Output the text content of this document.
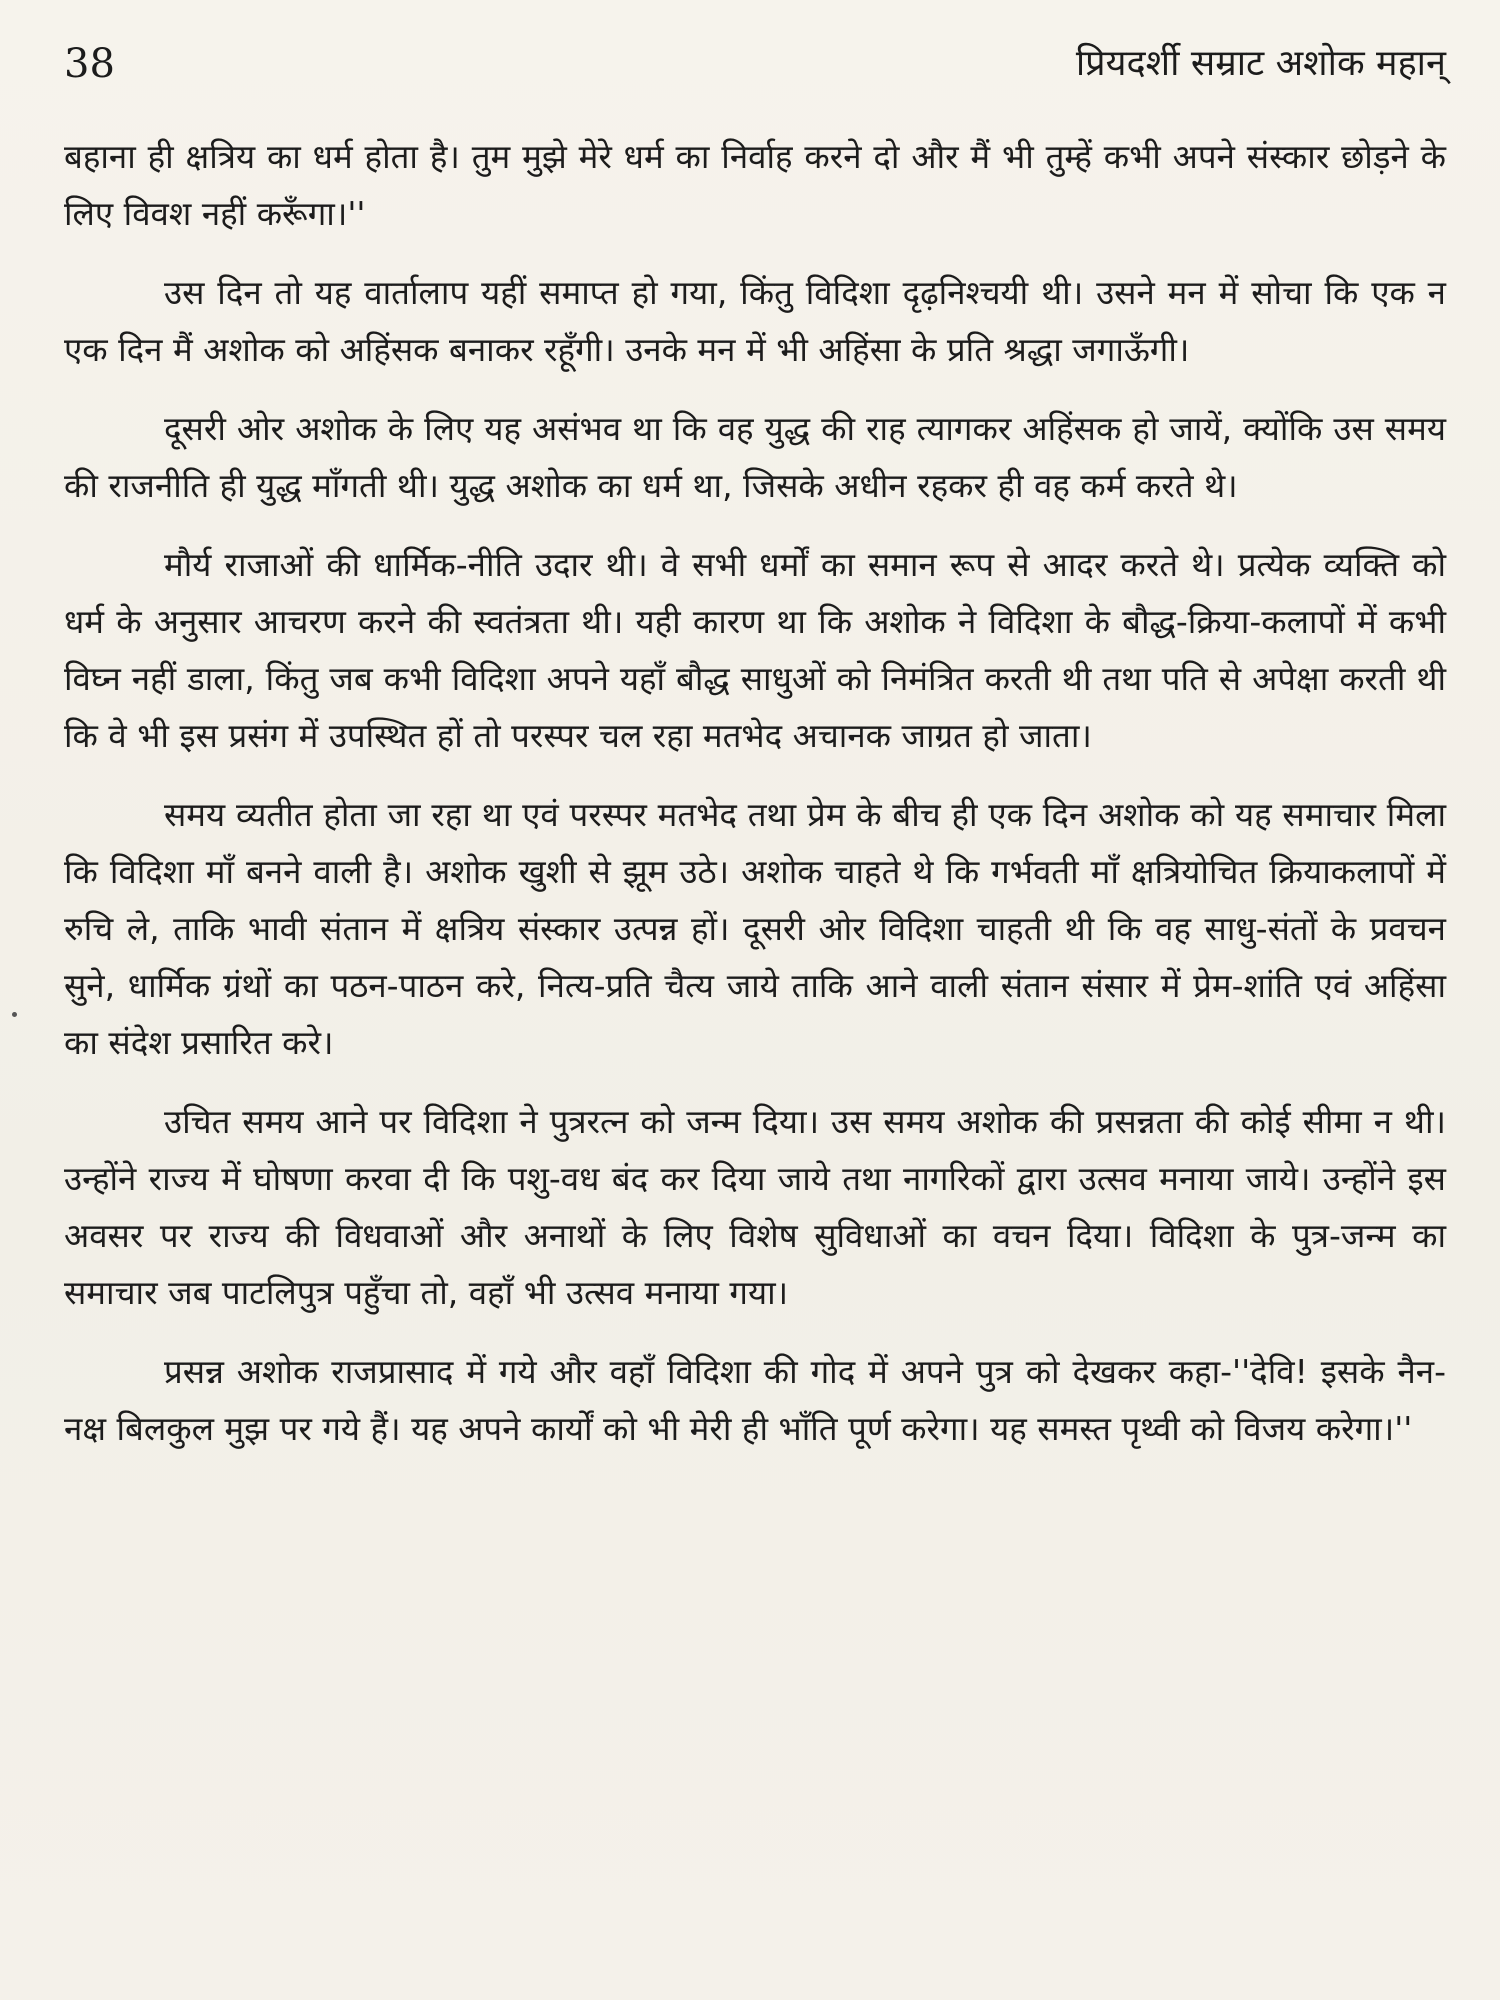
38	प्रियदर्शी सम्राट अशोक महान्

बहाना ही क्षत्रिय का धर्म होता है। तुम मुझे मेरे धर्म का निर्वाह करने दो और मैं भी तुम्हें कभी अपने संस्कार छोड़ने के लिए विवश नहीं करूँगा।''

उस दिन तो यह वार्तालाप यहीं समाप्त हो गया, किंतु विदिशा दृढ़निश्चयी थी। उसने मन में सोचा कि एक न एक दिन मैं अशोक को अहिंसक बनाकर रहूँगी। उनके मन में भी अहिंसा के प्रति श्रद्धा जगाऊँगी।

दूसरी ओर अशोक के लिए यह असंभव था कि वह युद्ध की राह त्यागकर अहिंसक हो जायें, क्योंकि उस समय की राजनीति ही युद्ध माँगती थी। युद्ध अशोक का धर्म था, जिसके अधीन रहकर ही वह कर्म करते थे।

मौर्य राजाओं की धार्मिक-नीति उदार थी। वे सभी धर्मों का समान रूप से आदर करते थे। प्रत्येक व्यक्ति को धर्म के अनुसार आचरण करने की स्वतंत्रता थी। यही कारण था कि अशोक ने विदिशा के बौद्ध-क्रिया-कलापों में कभी विघ्न नहीं डाला, किंतु जब कभी विदिशा अपने यहाँ बौद्ध साधुओं को निमंत्रित करती थी तथा पति से अपेक्षा करती थी कि वे भी इस प्रसंग में उपस्थित हों तो परस्पर चल रहा मतभेद अचानक जाग्रत हो जाता।

समय व्यतीत होता जा रहा था एवं परस्पर मतभेद तथा प्रेम के बीच ही एक दिन अशोक को यह समाचार मिला कि विदिशा माँ बनने वाली है। अशोक खुशी से झूम उठे। अशोक चाहते थे कि गर्भवती माँ क्षत्रियोचित क्रियाकलापों में रुचि ले, ताकि भावी संतान में क्षत्रिय संस्कार उत्पन्न हों। दूसरी ओर विदिशा चाहती थी कि वह साधु-संतों के प्रवचन सुने, धार्मिक ग्रंथों का पठन-पाठन करे, नित्य-प्रति चैत्य जाये ताकि आने वाली संतान संसार में प्रेम-शांति एवं अहिंसा का संदेश प्रसारित करे।

उचित समय आने पर विदिशा ने पुत्ररत्न को जन्म दिया। उस समय अशोक की प्रसन्नता की कोई सीमा न थी। उन्होंने राज्य में घोषणा करवा दी कि पशु-वध बंद कर दिया जाये तथा नागरिकों द्वारा उत्सव मनाया जाये। उन्होंने इस अवसर पर राज्य की विधवाओं और अनाथों के लिए विशेष सुविधाओं का वचन दिया। विदिशा के पुत्र-जन्म का समाचार जब पाटलिपुत्र पहुँचा तो, वहाँ भी उत्सव मनाया गया।

प्रसन्न अशोक राजप्रासाद में गये और वहाँ विदिशा की गोद में अपने पुत्र को देखकर कहा-''देवि! इसके नैन-नक्ष बिलकुल मुझ पर गये हैं। यह अपने कार्यों को भी मेरी ही भाँति पूर्ण करेगा। यह समस्त पृथ्वी को विजय करेगा।''
